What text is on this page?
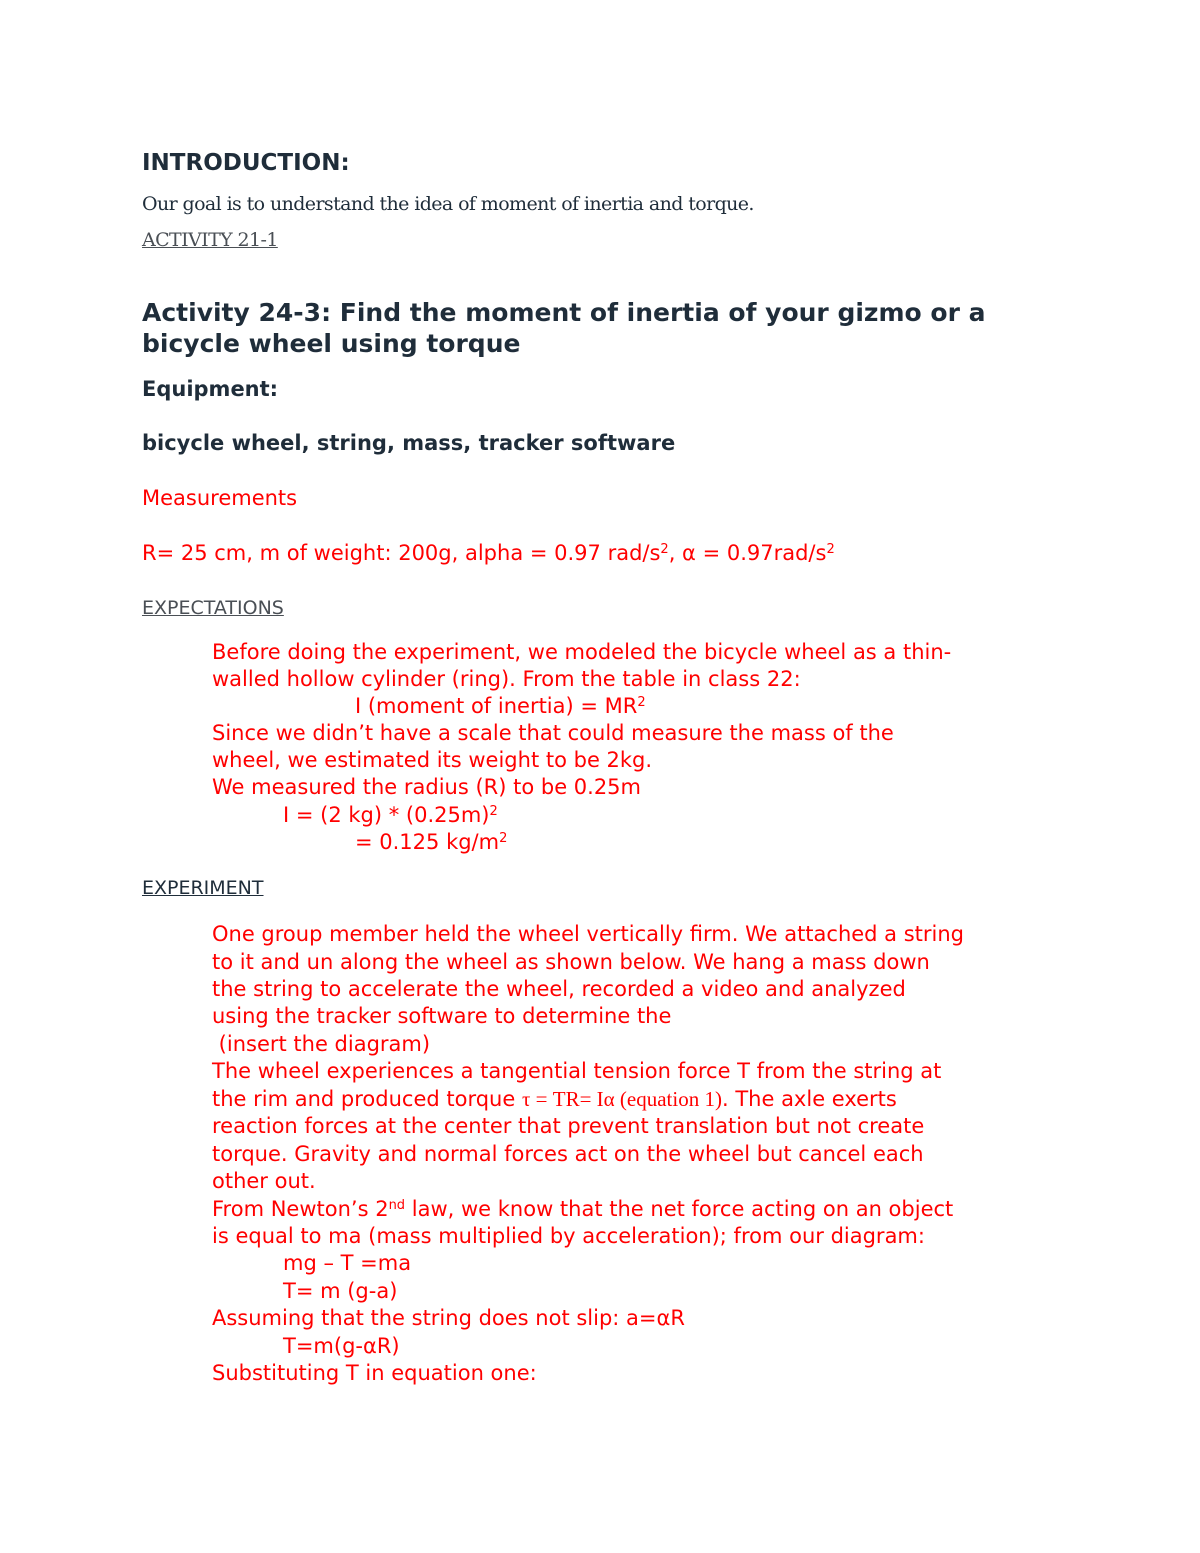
INTRODUCTION:
Our goal is to understand the idea of moment of inertia and torque.
ACTIVITY 21-1
Activity 24-3: Find the moment of inertia of your gizmo or a
bicycle wheel using torque
Equipment:
bicycle wheel, string, mass, tracker software
Measurements
R= 25 cm, m of weight: 200g, alpha = 0.97 rad/$s^2$, $\alpha = 0.97rad/s^2$
EXPECTATIONS
Before doing the experiment, we modeled the bicycle wheel as a thin-
walled hollow cylinder (ring). From the table in class 22:
I (moment of inertia) = $MR^2$
Since we didn’t have a scale that could measure the mass of the
wheel, we estimated its weight to be 2kg.
We measured the radius (R) to be 0.25m
I = (2 $kg) * (0.25m)^2$
= 0.125 $kg/m^2$
EXPERIMENT
One group member held the wheel vertically firm. We attached a string
to it and un along the wheel as shown below. We hang a mass down
the string to accelerate the wheel, recorded a video and analyzed
using the tracker software to determine the
(insert the diagram)
The wheel experiences a tangential tension force T from the string at
the rim and produced torque τ = TR= Iα (equation 1). The axle exerts
reaction forces at the center that prevent translation but not create
torque. Gravity and normal forces act on the wheel but cancel each
other out.
From Newton’s 2nd law, we know that the net force acting on an object
is equal to ma (mass multiplied by acceleration); from our diagram:
mg – T =ma
T= m (g-a)
Assuming that the string does not slip: a=αR
T=m(g-αR)
Substituting T in equation one:
